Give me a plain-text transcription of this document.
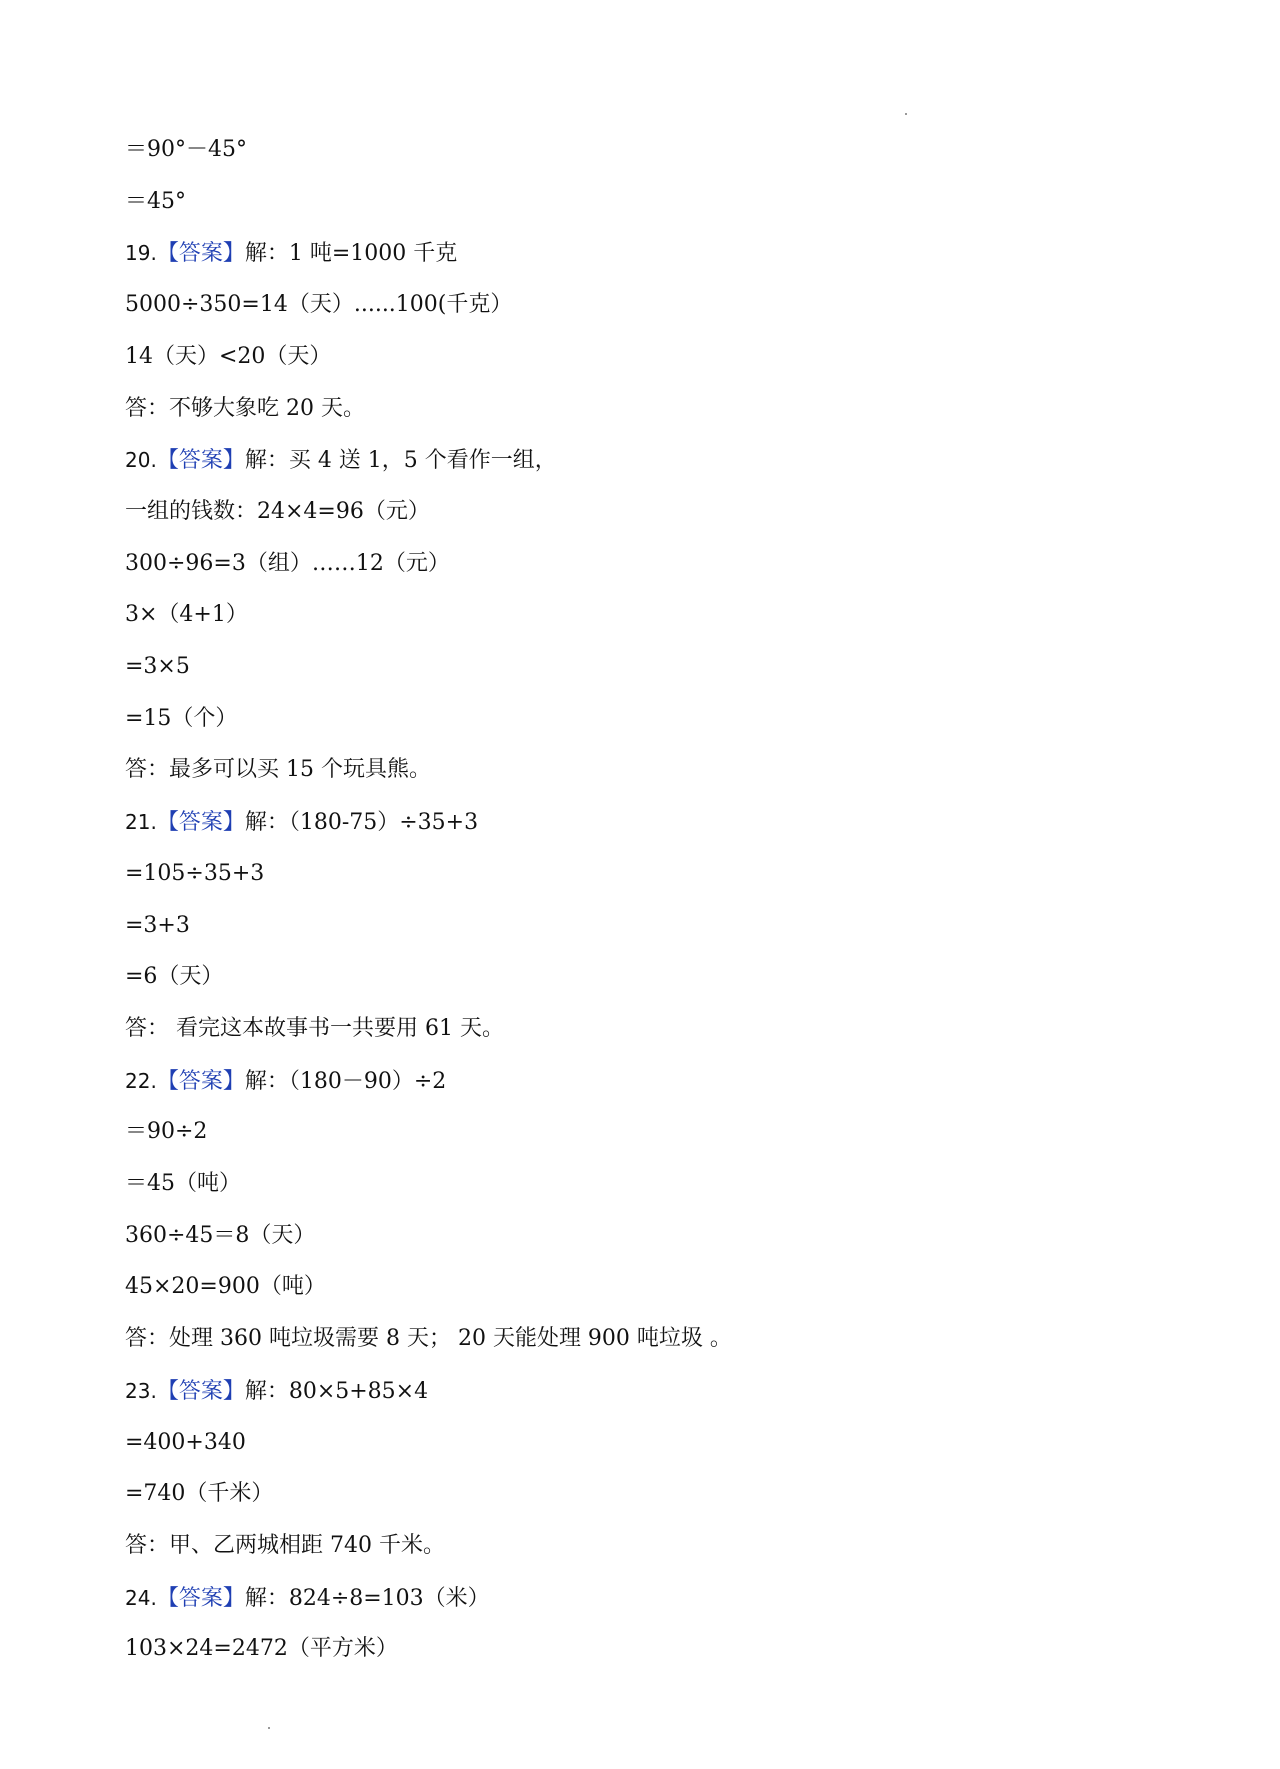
＝90°－45°
＝45°
19.【答案】解：1 吨=1000 千克
5000÷350=14（天）......100(千克）
14（天）<20（天）
答：不够大象吃 20 天。
20.【答案】解：买 4 送 1，5 个看作一组，
一组的钱数：24×4=96（元）
300÷96=3（组）……12（元）
3×（4+1）
=3×5
=15（个）
答：最多可以买 15 个玩具熊。
21.【答案】解：（180-75）÷35+3
=105÷35+3
=3+3
=6（天）
答： 看完这本故事书一共要用 61 天。
22.【答案】解：（180－90）÷2
＝90÷2
＝45（吨）
360÷45＝8（天）
45×20=900（吨）
答：处理 360 吨垃圾需要 8 天； 20 天能处理 900 吨垃圾 。
23.【答案】解：80×5+85×4
=400+340
=740（千米）
答：甲、乙两城相距 740 千米。
24.【答案】解：824÷8=103（米）
103×24=2472（平方米）
